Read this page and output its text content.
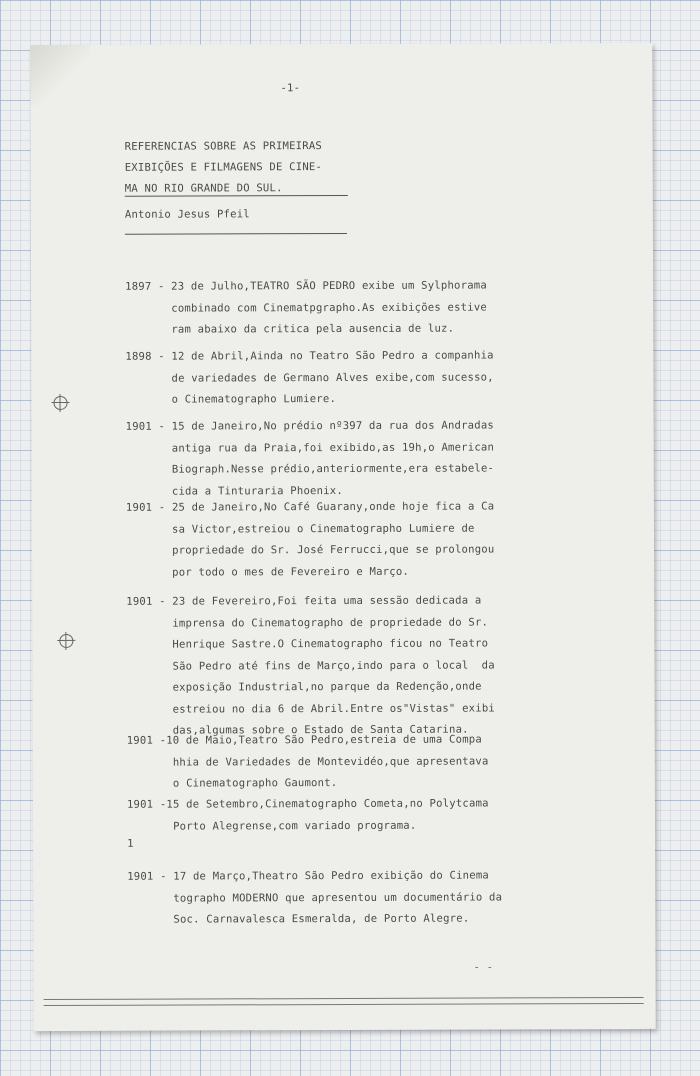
-1-
REFERENCIAS SOBRE AS PRIMEIRAS
EXIBIÇÕES E FILMAGENS DE CINE-
MA NO RIO GRANDE DO SUL.
Antonio Jesus Pfeil
1897 - 23 de Julho,TEATRO SÃO PEDRO exibe um Sylphorama
combinado com Cinematpgrapho.As exibições estive
ram abaixo da critica pela ausencia de luz.
1898 - 12 de Abril,Ainda no Teatro São Pedro a companhia
de variedades de Germano Alves exibe,com sucesso,
o Cinematographo Lumiere.
1901 - 15 de Janeiro,No prédio nº397 da rua dos Andradas
antiga rua da Praia,foi exibido,as 19h,o American
Biograph.Nesse prédio,anteriormente,era estabele-
cida a Tinturaria Phoenix.
1901 - 25 de Janeiro,No Café Guarany,onde hoje fica a Ca
sa Victor,estreiou o Cinematographo Lumiere de
propriedade do Sr. José Ferrucci,que se prolongou
por todo o mes de Fevereiro e Março.
1901 - 23 de Fevereiro,Foi feita uma sessão dedicada a
imprensa do Cinematographo de propriedade do Sr.
Henrique Sastre.O Cinematographo ficou no Teatro
São Pedro até fins de Março,indo para o local  da
exposição Industrial,no parque da Redenção,onde
estreiou no dia 6 de Abril.Entre os"Vistas" exibi
das,algumas sobre o Estado de Santa Catarina.
1901 -10 de Maio,Teatro São Pedro,estreia de uma Compa
hhia de Variedades de Montevidéo,que apresentava
o Cinematographo Gaumont.
1901 -15 de Setembro,Cinematographo Cometa,no Polytcama
Porto Alegrense,com variado programa.
1
1901 - 17 de Março,Theatro São Pedro exibição do Cinema
tographo MODERNO que apresentou um documentário da
Soc. Carnavalesca Esmeralda, de Porto Alegre.
- -
